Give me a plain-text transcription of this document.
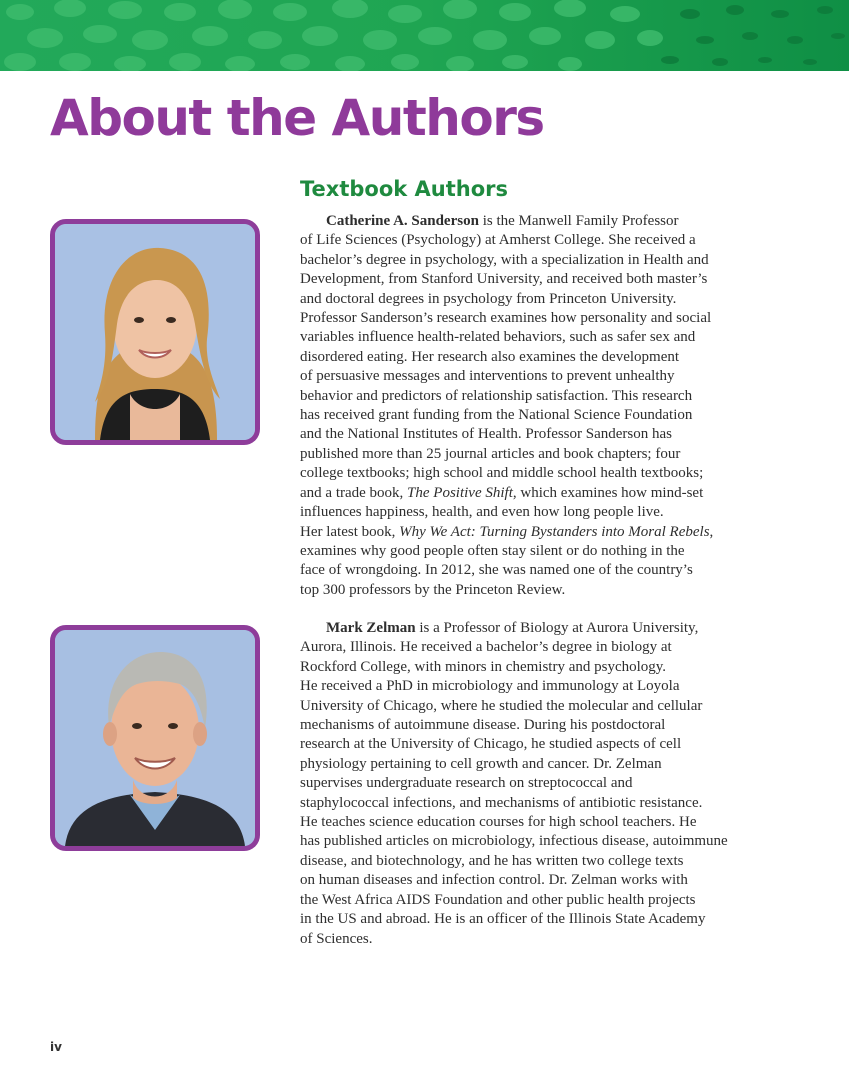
About the Authors
Textbook Authors

Catherine A. Sanderson is the Manwell Family Professor
of Life Sciences (Psychology) at Amherst College. She received a
bachelor’s degree in psychology, with a specialization in Health and
Development, from Stanford University, and received both master’s
and doctoral degrees in psychology from Princeton University.
Professor Sanderson’s research examines how personality and social
variables influence health-related behaviors, such as safer sex and
disordered eating. Her research also examines the development
of persuasive messages and interventions to prevent unhealthy
behavior and predictors of relationship satisfaction. This research
has received grant funding from the National Science Foundation
and the National Institutes of Health. Professor Sanderson has
published more than 25 journal articles and book chapters; four
college textbooks; high school and middle school health textbooks;
and a trade book, The Positive Shift, which examines how mind-set
influences happiness, health, and even how long people live.
Her latest book, Why We Act: Turning Bystanders into Moral Rebels,
examines why good people often stay silent or do nothing in the
face of wrongdoing. In 2012, she was named one of the country’s
top 300 professors by the Princeton Review.

Mark Zelman is a Professor of Biology at Aurora University,
Aurora, Illinois. He received a bachelor’s degree in biology at
Rockford College, with minors in chemistry and psychology.
He received a PhD in microbiology and immunology at Loyola
University of Chicago, where he studied the molecular and cellular
mechanisms of autoimmune disease. During his postdoctoral
research at the University of Chicago, he studied aspects of cell
physiology pertaining to cell growth and cancer. Dr. Zelman
supervises undergraduate research on streptococcal and
staphylococcal infections, and mechanisms of antibiotic resistance.
He teaches science education courses for high school teachers. He
has published articles on microbiology, infectious disease, autoimmune
disease, and biotechnology, and he has written two college texts
on human diseases and infection control. Dr. Zelman works with
the West Africa AIDS Foundation and other public health projects
in the US and abroad. He is an officer of the Illinois State Academy
of Sciences.

iv
